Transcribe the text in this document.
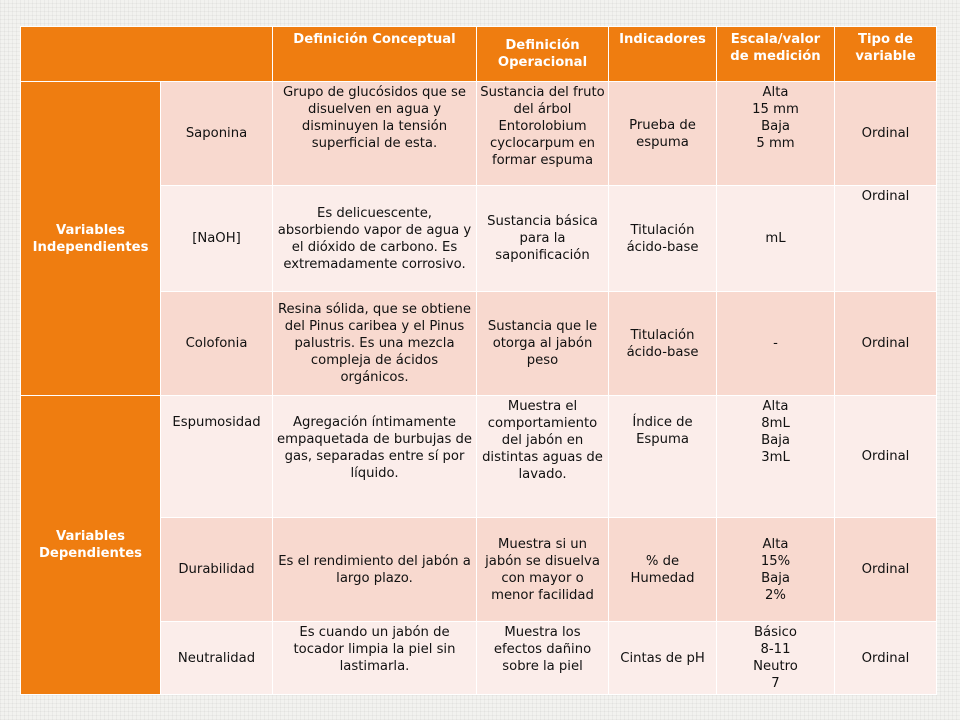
		Definición Conceptual	Definición Operacional	Indicadores	Escala/valor de medición	Tipo de variable
Variables Independientes	Saponina	Grupo de glucósidos que se disuelven en agua y disminuyen la tensión superficial de esta.	Sustancia del fruto del árbol Entorolobium cyclocarpum en formar espuma	Prueba de espuma	Alta
15 mm
Baja
5 mm	Ordinal
	[NaOH]	Es delicuescente, absorbiendo vapor de agua y el dióxido de carbono. Es extremadamente corrosivo.	Sustancia básica para la saponificación	Titulación ácido-base	mL	Ordinal
	Colofonia	Resina sólida, que se obtiene del Pinus caribea y el Pinus palustris. Es una mezcla compleja de ácidos orgánicos.	Sustancia que le otorga al jabón peso	Titulación ácido-base	-	Ordinal
Variables Dependientes	Espumosidad	Agregación íntimamente empaquetada de burbujas de gas, separadas entre sí por líquido.	Muestra el comportamiento del jabón en distintas aguas de lavado.	Índice de Espuma	Alta
8mL
Baja
3mL	Ordinal
	Durabilidad	Es el rendimiento del jabón a largo plazo.	Muestra si un jabón se disuelva con mayor o menor facilidad	% de Humedad	Alta
15%
Baja
2%	Ordinal
	Neutralidad	Es cuando un jabón de tocador limpia la piel sin lastimarla.	Muestra los efectos dañino sobre la piel	Cintas de pH	Básico
8-11
Neutro
7	Ordinal
